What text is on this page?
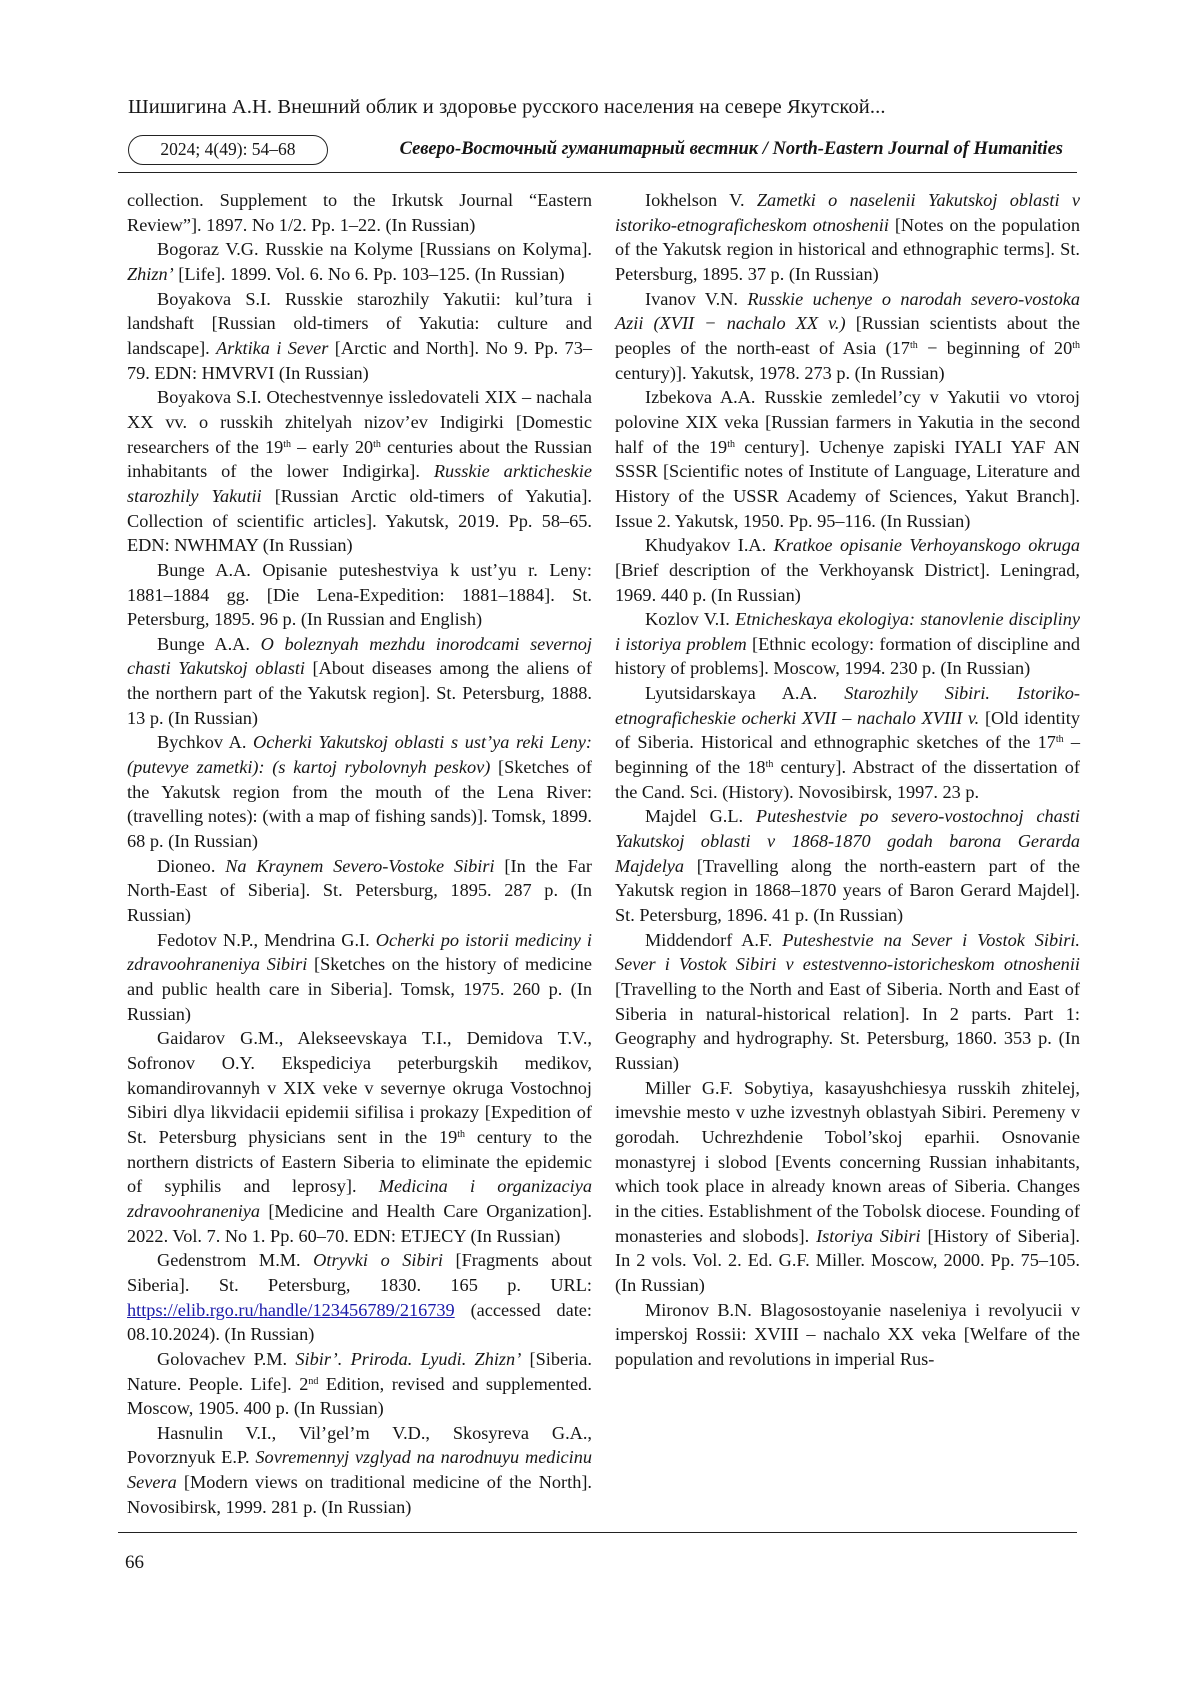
Шишигина А.Н. Внешний облик и здоровье русского населения на севере Якутской...
2024; 4(49): 54–68	Северо-Восточный гуманитарный вестник / North-Eastern Journal of Humanities

collection. Supplement to the Irkutsk Journal “Eastern Review”]. 1897. No 1/2. Pp. 1–22. (In Russian)

Bogoraz V.G. Russkie na Kolyme [Russians on Kolyma]. Zhizn’ [Life]. 1899. Vol. 6. No 6. Pp. 103–125. (In Russian)

Boyakova S.I. Russkie starozhily Yakutii: kul’tura i landshaft [Russian old-timers of Yakutia: culture and landscape]. Arktika i Sever [Arctic and North]. No 9. Pp. 73–79. EDN: HMVRVI (In Russian)

Boyakova S.I. Otechestvennye issledovateli XIX – nachala XX vv. o russkih zhitelyah nizov’ev Indigirki [Domestic researchers of the 19th – early 20th centuries about the Russian inhabitants of the lower Indigirka]. Russkie arkticheskie starozhily Yakutii [Russian Arctic old-timers of Yakutia]. Collection of scientific articles]. Yakutsk, 2019. Pp. 58–65. EDN: NWHMAY (In Russian)

Bunge A.A. Opisanie puteshestviya k ust’yu r. Leny: 1881–1884 gg. [Die Lena-Expedition: 1881–1884]. St. Petersburg, 1895. 96 p. (In Russian and English)

Bunge A.A. O boleznyah mezhdu inorodcami severnoj chasti Yakutskoj oblasti [About diseases among the aliens of the northern part of the Yakutsk region]. St. Petersburg, 1888. 13 p. (In Russian)

Bychkov A. Ocherki Yakutskoj oblasti s ust’ya reki Leny: (putevye zametki): (s kartoj rybolovnyh peskov) [Sketches of the Yakutsk region from the mouth of the Lena River: (travelling notes): (with a map of fishing sands)]. Tomsk, 1899. 68 p. (In Russian)

Dioneo. Na Kraynem Severo-Vostoke Sibiri [In the Far North-East of Siberia]. St. Petersburg, 1895. 287 p. (In Russian)

Fedotov N.P., Mendrina G.I. Ocherki po istorii mediciny i zdravoohraneniya Sibiri [Sketches on the history of medicine and public health care in Siberia]. Tomsk, 1975. 260 p. (In Russian)

Gaidarov G.M., Alekseevskaya T.I., Demidova T.V., Sofronov O.Y. Ekspediciya peterburgskih medikov, komandirovannyh v XIX veke v severnye okruga Vostochnoj Sibiri dlya likvidacii epidemii sifilisa i prokazy [Expedition of St. Petersburg physicians sent in the 19th century to the northern districts of Eastern Siberia to eliminate the epidemic of syphilis and leprosy]. Medicina i organizaciya zdravoohraneniya [Medicine and Health Care Organization]. 2022. Vol. 7. No 1. Pp. 60–70. EDN: ETJECY (In Russian)

Gedenstrom M.M. Otryvki o Sibiri [Fragments about Siberia]. St. Petersburg, 1830. 165 p. URL: https://elib.rgo.ru/handle/123456789/216739 (accessed date: 08.10.2024). (In Russian)

Golovachev P.M. Sibir’. Priroda. Lyudi. Zhizn’ [Siberia. Nature. People. Life]. 2nd Edition, revised and supplemented. Moscow, 1905. 400 p. (In Russian)

Hasnulin V.I., Vil’gel’m V.D., Skosyreva G.A., Povorznyuk E.P. Sovremennyj vzglyad na narodnuyu medicinu Severa [Modern views on traditional medicine of the North]. Novosibirsk, 1999. 281 p. (In Russian)

Iokhelson V. Zametki o naselenii Yakutskoj oblasti v istoriko-etnograficheskom otnoshenii [Notes on the population of the Yakutsk region in historical and ethnographic terms]. St. Petersburg, 1895. 37 p. (In Russian)

Ivanov V.N. Russkie uchenye o narodah severo-vostoka Azii (XVII − nachalo XX v.) [Russian scientists about the peoples of the north-east of Asia (17th − beginning of 20th century)]. Yakutsk, 1978. 273 p. (In Russian)

Izbekova A.A. Russkie zemledel’cy v Yakutii vo vtoroj polovine XIX veka [Russian farmers in Yakutia in the second half of the 19th century]. Uchenye zapiski IYALI YAF AN SSSR [Scientific notes of Institute of Language, Literature and History of the USSR Academy of Sciences, Yakut Branch]. Issue 2. Yakutsk, 1950. Pp. 95–116. (In Russian)

Khudyakov I.A. Kratkoe opisanie Verhoyanskogo okruga [Brief description of the Verkhoyansk District]. Leningrad, 1969. 440 p. (In Russian)

Kozlov V.I. Etnicheskaya ekologiya: stanovlenie discipliny i istoriya problem [Ethnic ecology: formation of discipline and history of problems]. Moscow, 1994. 230 p. (In Russian)

Lyutsidarskaya A.A. Starozhily Sibiri. Istoriko-etnograficheskie ocherki XVII – nachalo XVIII v. [Old identity of Siberia. Historical and ethnographic sketches of the 17th – beginning of the 18th century]. Abstract of the dissertation of the Cand. Sci. (History). Novosibirsk, 1997. 23 p.

Majdel G.L. Puteshestvie po severo-vostochnoj chasti Yakutskoj oblasti v 1868-1870 godah barona Gerarda Majdelya [Travelling along the north-eastern part of the Yakutsk region in 1868–1870 years of Baron Gerard Majdel]. St. Petersburg, 1896. 41 p. (In Russian)

Middendorf A.F. Puteshestvie na Sever i Vostok Sibiri. Sever i Vostok Sibiri v estestvenno-istoricheskom otnoshenii [Travelling to the North and East of Siberia. North and East of Siberia in natural-historical relation]. In 2 parts. Part 1: Geography and hydrography. St. Petersburg, 1860. 353 p. (In Russian)

Miller G.F. Sobytiya, kasayushchiesya russkih zhitelej, imevshie mesto v uzhe izvestnyh oblastyah Sibiri. Peremeny v gorodah. Uchrezhdenie Tobol’skoj eparhii. Osnovanie monastyrej i slobod [Events concerning Russian inhabitants, which took place in already known areas of Siberia. Changes in the cities. Establishment of the Tobolsk diocese. Founding of monasteries and slobods]. Istoriya Sibiri [History of Siberia]. In 2 vols. Vol. 2. Ed. G.F. Miller. Moscow, 2000. Pp. 75–105. (In Russian)

Mironov B.N. Blagosostoyanie naseleniya i revolyucii v imperskoj Rossii: XVIII – nachalo XX veka [Welfare of the population and revolutions in imperial Rus-

66
